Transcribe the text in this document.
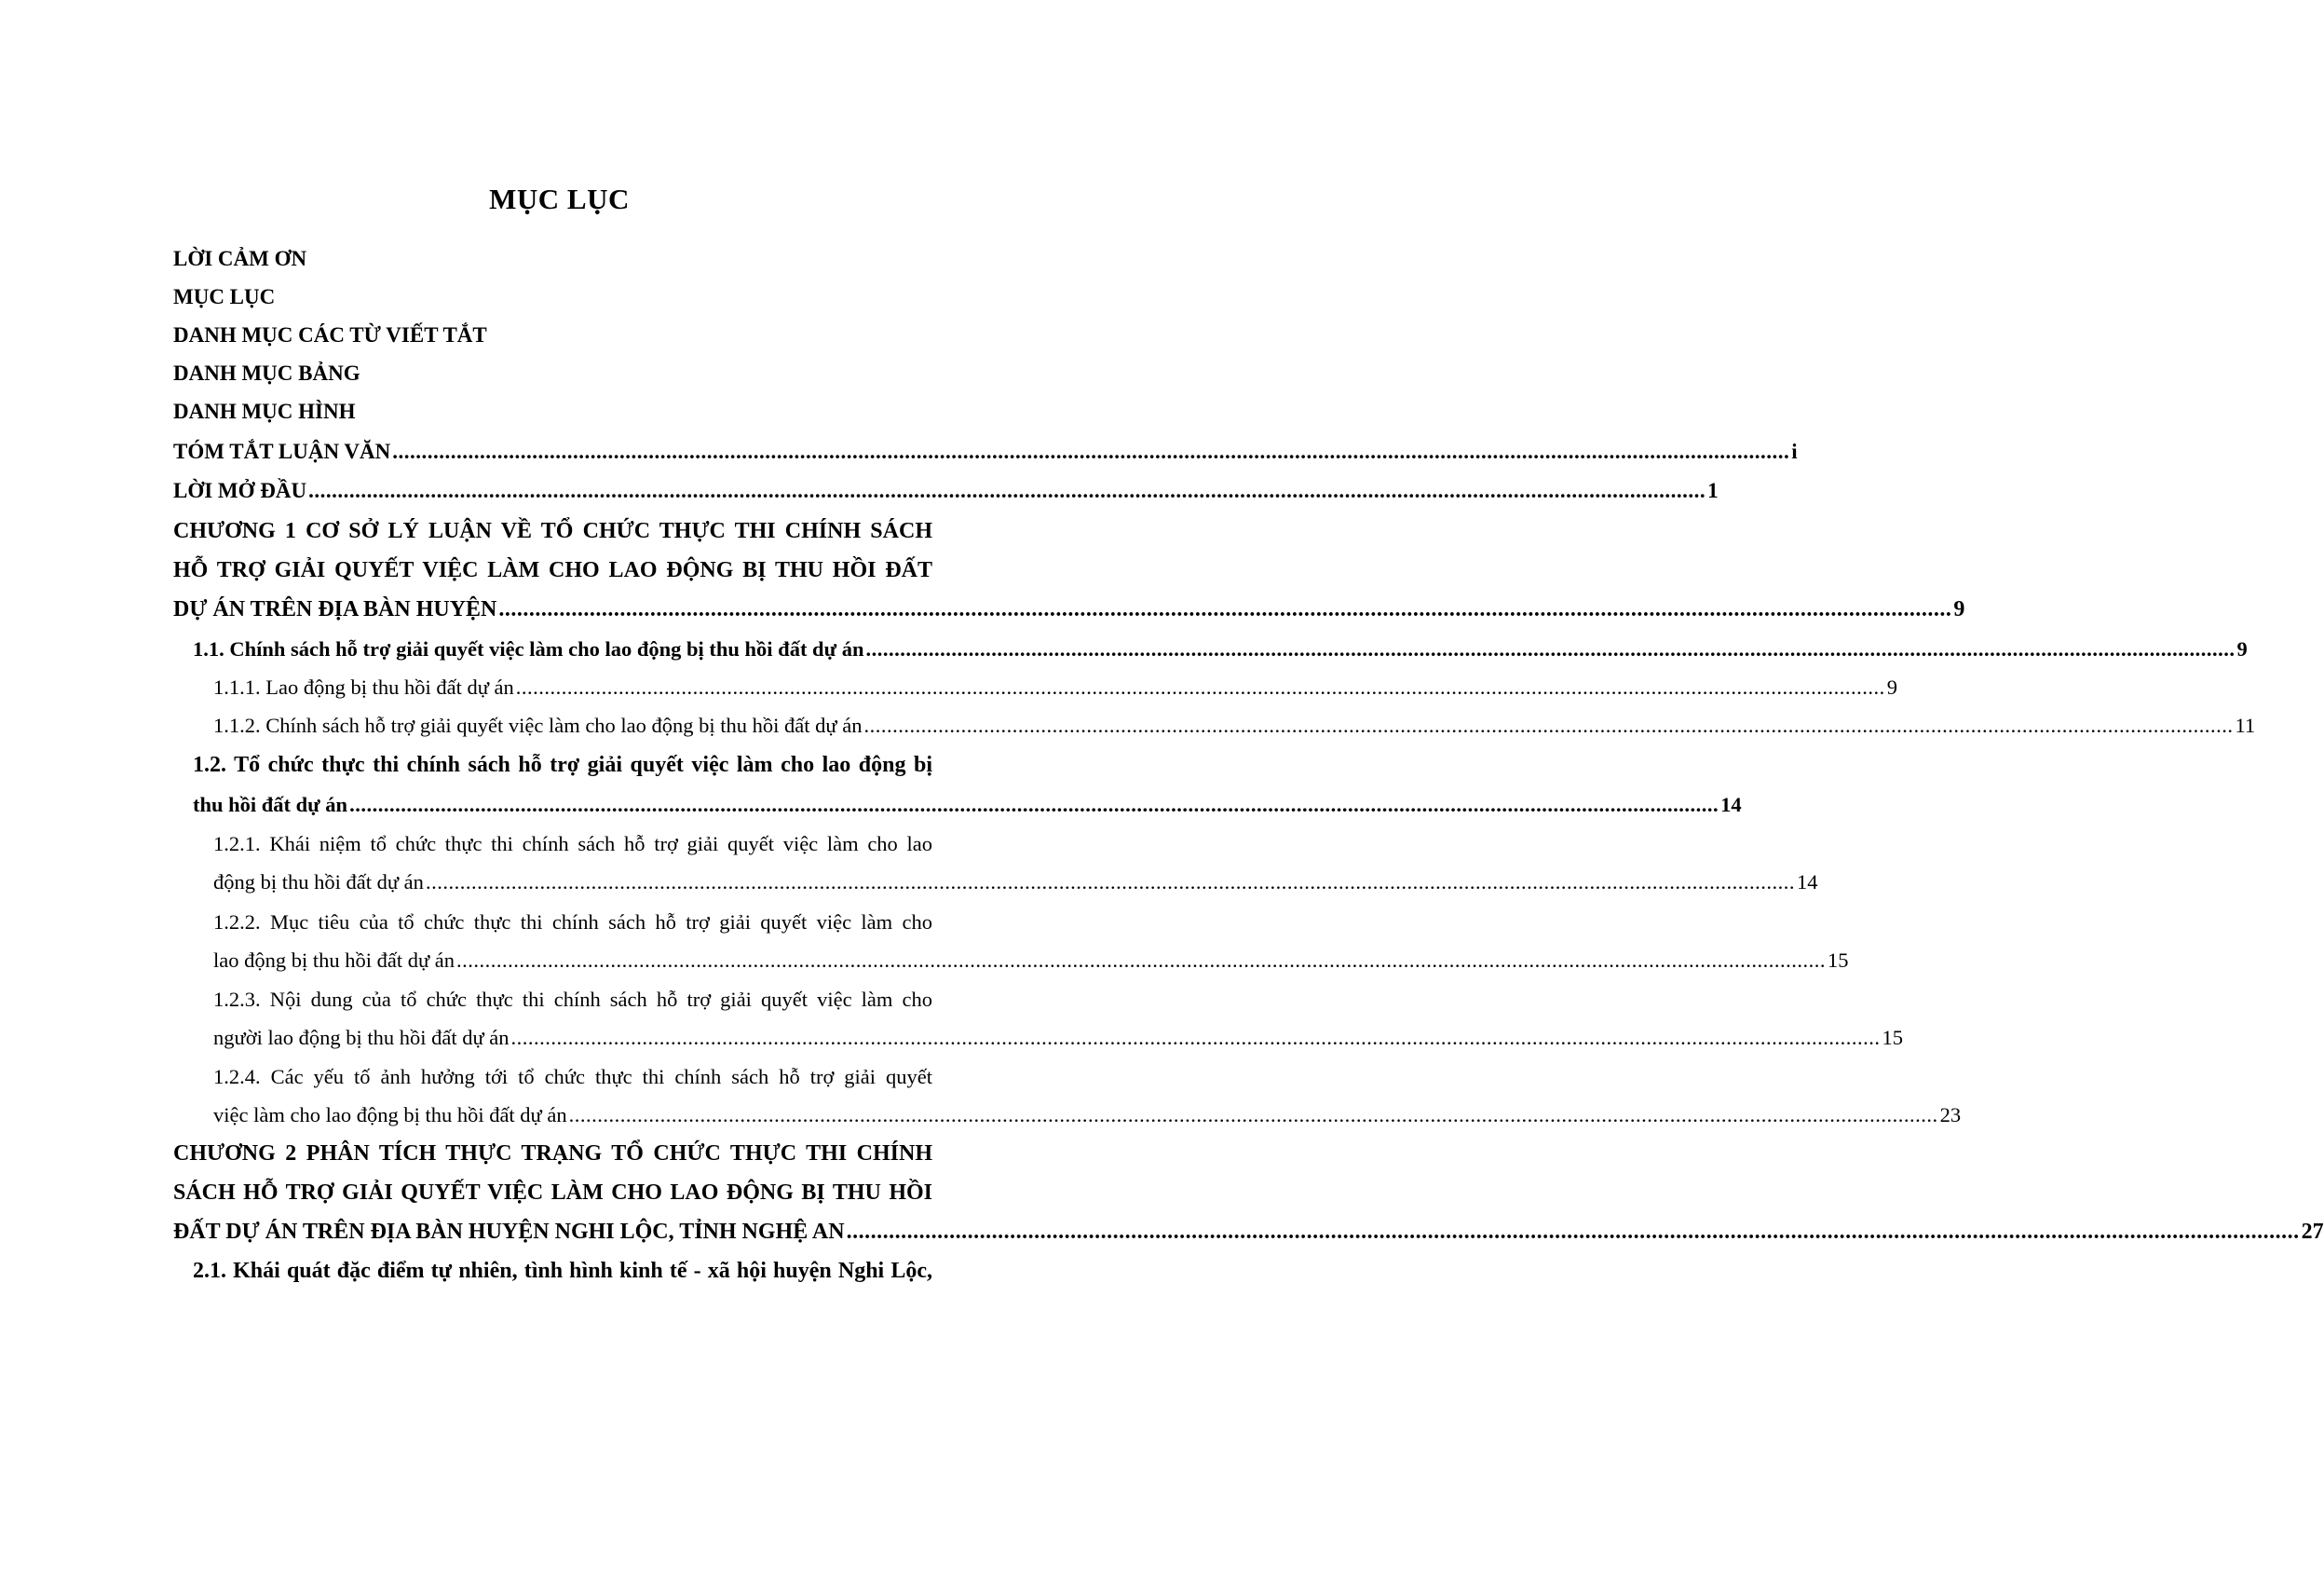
MỤC LỤC
LỜI CẢM ƠN
MỤC LỤC
DANH MỤC CÁC TỪ VIẾT TẮT
DANH MỤC BẢNG
DANH MỤC HÌNH
TÓM TẮT LUẬN VĂN ................................................................................................................................................................................................................................................ i
LỜI MỞ ĐẦU ................................................................................................................................................................................................................................................ 1
CHƯƠNG 1 CƠ SỞ LÝ LUẬN VỀ TỔ CHỨC THỰC THI CHÍNH SÁCH
HỖ TRỢ GIẢI QUYẾT VIỆC LÀM CHO LAO ĐỘNG BỊ THU HỒI ĐẤT
DỰ ÁN TRÊN ĐỊA BÀN HUYỆN ................................................................................................................................................................................................................................................ 9
1.1. Chính sách hỗ trợ giải quyết việc làm cho lao động bị thu hồi đất dự án ................................................................................................................................................................................................................................................ 9
1.1.1. Lao động bị thu hồi đất dự án ................................................................................................................................................................................................................................................ 9
1.1.2. Chính sách hỗ trợ giải quyết việc làm cho lao động bị thu hồi đất dự án ................................................................................................................................................................................................................................................ 11
1.2. Tổ chức thực thi chính sách hỗ trợ giải quyết việc làm cho lao động bị
thu hồi đất dự án ................................................................................................................................................................................................................................................ 14
1.2.1. Khái niệm tổ chức thực thi chính sách hỗ trợ giải quyết việc làm cho lao
động bị thu hồi đất dự án ................................................................................................................................................................................................................................................ 14
1.2.2. Mục tiêu của tổ chức thực thi chính sách hỗ trợ giải quyết việc làm cho
lao động bị thu hồi đất dự án ................................................................................................................................................................................................................................................ 15
1.2.3. Nội dung của tổ chức thực thi chính sách hỗ trợ giải quyết việc làm cho
người lao động bị thu hồi đất dự án ................................................................................................................................................................................................................................................ 15
1.2.4. Các yếu tố ảnh hưởng tới tổ chức thực thi chính sách hỗ trợ giải quyết
việc làm cho lao động bị thu hồi đất dự án ................................................................................................................................................................................................................................................ 23
CHƯƠNG 2 PHÂN TÍCH THỰC TRẠNG TỔ CHỨC THỰC THI CHÍNH
SÁCH HỖ TRỢ GIẢI QUYẾT VIỆC LÀM CHO LAO ĐỘNG BỊ THU HỒI
ĐẤT DỰ ÁN TRÊN ĐỊA BÀN HUYỆN NGHI LỘC, TỈNH NGHỆ AN ................................................................................................................................................................................................................................................ 27
2.1. Khái quát đặc điểm tự nhiên, tình hình kinh tế - xã hội huyện Nghi Lộc,
